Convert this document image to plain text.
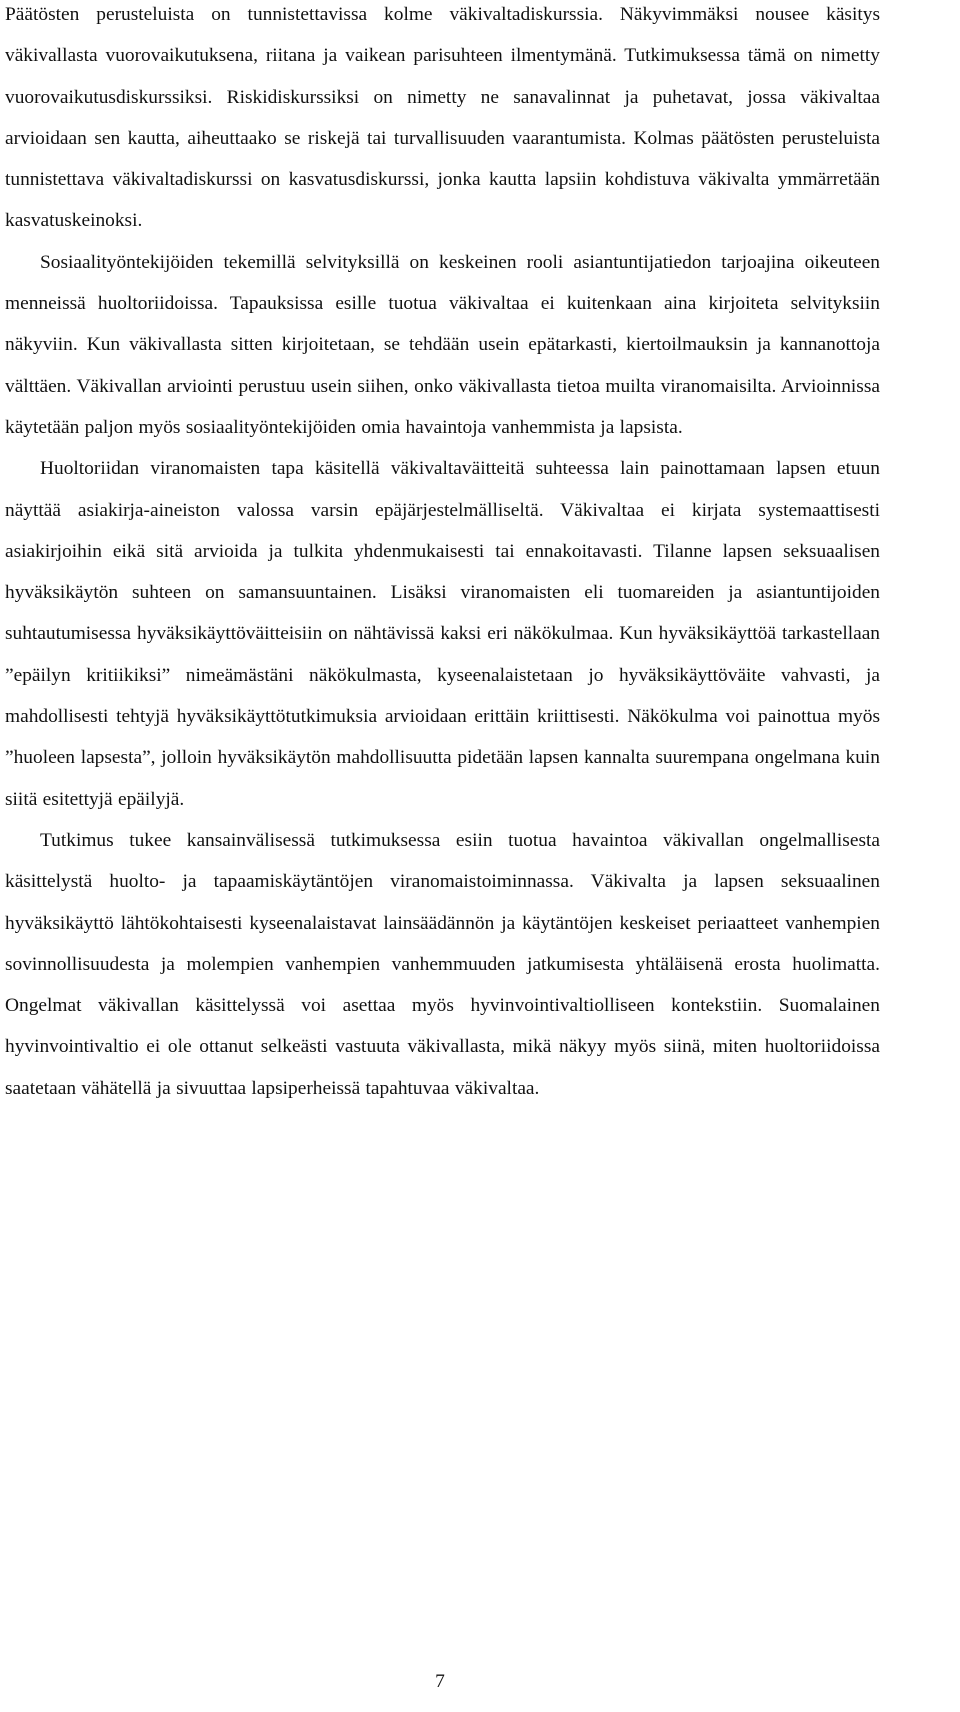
Päätösten perusteluista on tunnistettavissa kolme väkivaltadiskurssia. Näkyvimmäksi nousee käsitys väkivallasta vuorovaikutuksena, riitana ja vaikean parisuhteen ilmentymänä. Tutkimuksessa tämä on nimetty vuorovaikutusdiskurssiksi. Riskidiskurssiksi on nimetty ne sanavalinnat ja puhetavat, jossa väkivaltaa arvioidaan sen kautta, aiheuttaako se riskejä tai turvallisuuden vaarantumista. Kolmas päätösten perusteluista tunnistettava väkivaltadiskurssi on kasvatusdiskurssi, jonka kautta lapsiin kohdistuva väkivalta ymmärretään kasvatuskeinoksi.

Sosiaalityöntekijöiden tekemillä selvityksillä on keskeinen rooli asiantuntijatiedon tarjoajina oikeuteen menneissä huoltoriidoissa. Tapauksissa esille tuotua väkivaltaa ei kuitenkaan aina kirjoiteta selvityksiin näkyviin. Kun väkivallasta sitten kirjoitetaan, se tehdään usein epätarkasti, kiertoilmauksin ja kannanottoja välttäen. Väkivallan arviointi perustuu usein siihen, onko väkivallasta tietoa muilta viranomaisilta. Arvioinnissa käytetään paljon myös sosiaalityöntekijöiden omia havaintoja vanhemmista ja lapsista.

Huoltoriidan viranomaisten tapa käsitellä väkivaltaväitteitä suhteessa lain painottamaan lapsen etuun näyttää asiakirja-aineiston valossa varsin epäjärjestelmälliseltä. Väkivaltaa ei kirjata systemaattisesti asiakirjoihin eikä sitä arvioida ja tulkita yhdenmukaisesti tai ennakoitavasti. Tilanne lapsen seksuaalisen hyväksikäytön suhteen on samansuuntainen. Lisäksi viranomaisten eli tuomareiden ja asiantuntijoiden suhtautumisessa hyväksikäyttöväitteisiin on nähtävissä kaksi eri näkökulmaa. Kun hyväksikäyttöä tarkastellaan ”epäilyn kritiikiksi” nimeämästäni näkökulmasta, kyseenalaistetaan jo hyväksikäyttöväite vahvasti, ja mahdollisesti tehtyjä hyväksikäyttötutkimuksia arvioidaan erittäin kriittisesti. Näkökulma voi painottua myös ”huoleen lapsesta”, jolloin hyväksikäytön mahdollisuutta pidetään lapsen kannalta suurempana ongelmana kuin siitä esitettyjä epäilyjä.

Tutkimus tukee kansainvälisessä tutkimuksessa esiin tuotua havaintoa väkivallan ongelmallisesta käsittelystä huolto- ja tapaamiskäytäntöjen viranomaistoiminnassa. Väkivalta ja lapsen seksuaalinen hyväksikäyttö lähtökohtaisesti kyseenalaistavat lainsäädännön ja käytäntöjen keskeiset periaatteet vanhempien sovinnollisuudesta ja molempien vanhempien vanhemmuuden jatkumisesta yhtäläisenä erosta huolimatta. Ongelmat väkivallan käsittelyssä voi asettaa myös hyvinvointivaltiolliseen kontekstiin. Suomalainen hyvinvointivaltio ei ole ottanut selkeästi vastuuta väkivallasta, mikä näkyy myös siinä, miten huoltoriidoissa saatetaan vähätellä ja sivuuttaa lapsiperheissä tapahtuvaa väkivaltaa.

7
